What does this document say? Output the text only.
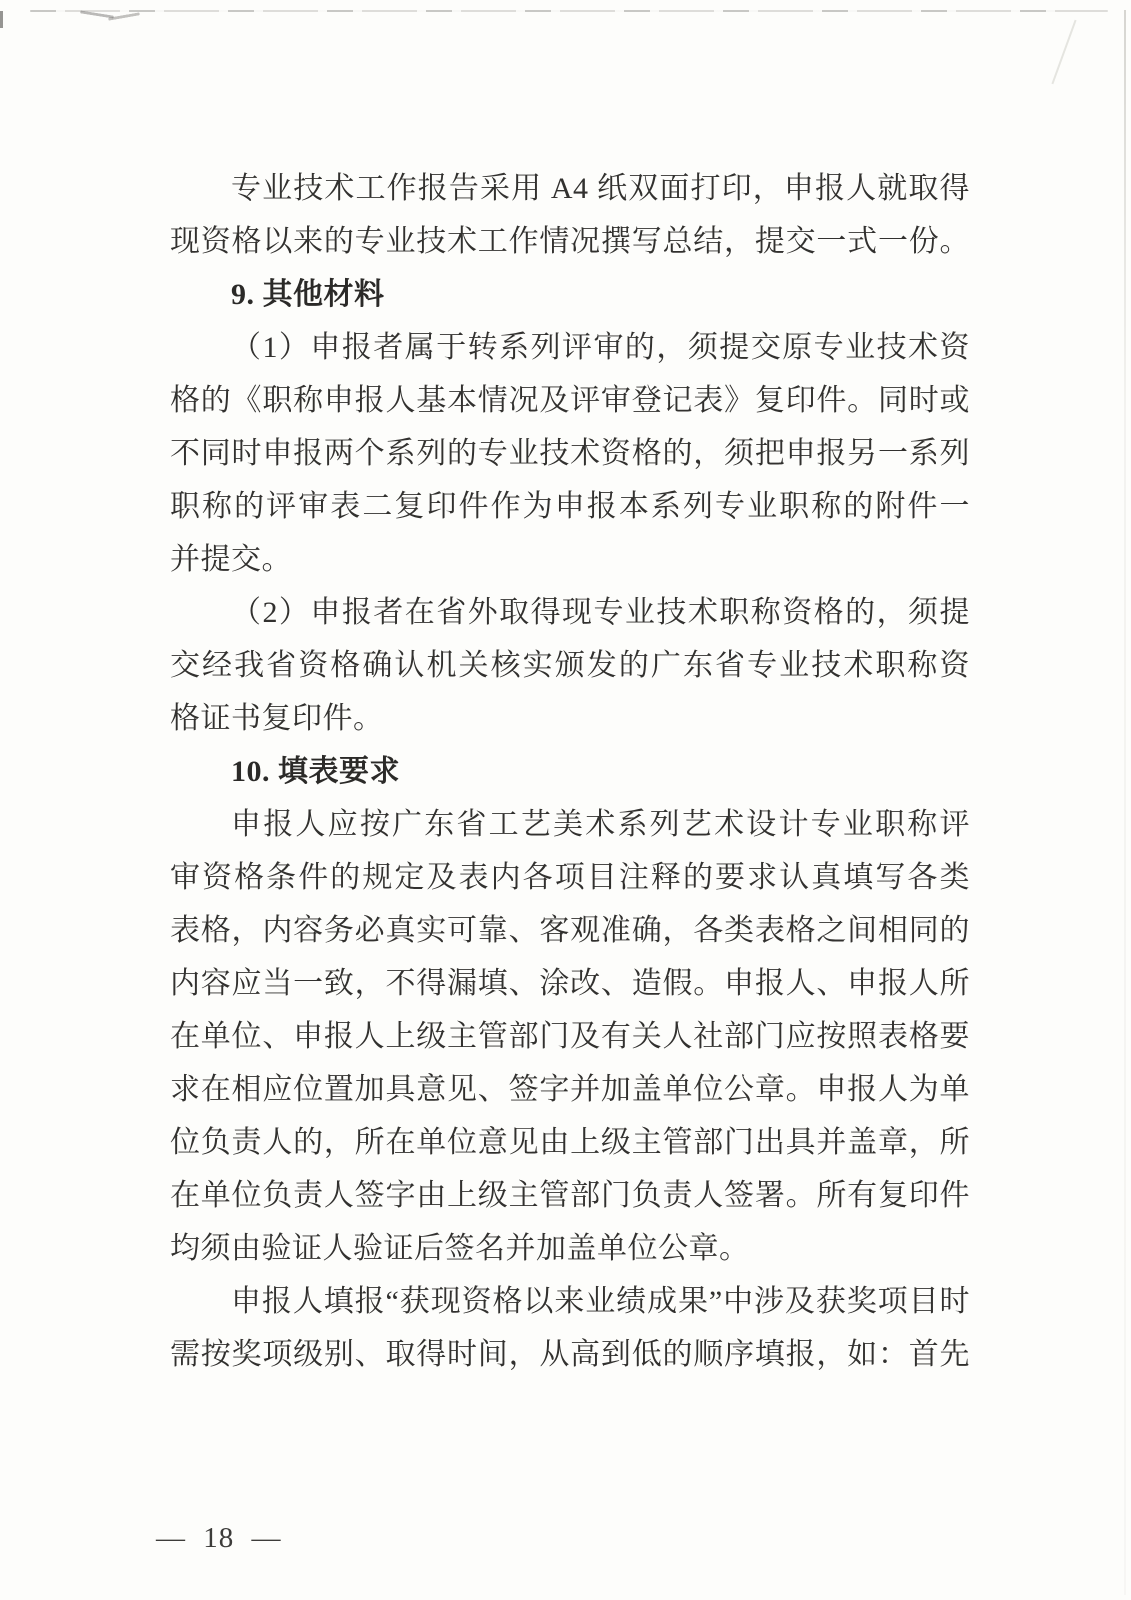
专业技术工作报告采用 A4 纸双面打印，申报人就取得

现资格以来的专业技术工作情况撰写总结，提交一式一份。

9. 其他材料

（1）申报者属于转系列评审的，须提交原专业技术资

格的《职称申报人基本情况及评审登记表》复印件。同时或

不同时申报两个系列的专业技术资格的，须把申报另一系列

职称的评审表二复印件作为申报本系列专业职称的附件一

并提交。

（2）申报者在省外取得现专业技术职称资格的，须提

交经我省资格确认机关核实颁发的广东省专业技术职称资

格证书复印件。

10. 填表要求

申报人应按广东省工艺美术系列艺术设计专业职称评

审资格条件的规定及表内各项目注释的要求认真填写各类

表格，内容务必真实可靠、客观准确，各类表格之间相同的

内容应当一致，不得漏填、涂改、造假。申报人、申报人所

在单位、申报人上级主管部门及有关人社部门应按照表格要

求在相应位置加具意见、签字并加盖单位公章。申报人为单

位负责人的，所在单位意见由上级主管部门出具并盖章，所

在单位负责人签字由上级主管部门负责人签署。所有复印件

均须由验证人验证后签名并加盖单位公章。

申报人填报“获现资格以来业绩成果”中涉及获奖项目时

需按奖项级别、取得时间，从高到低的顺序填报，如：首先

— 18 —
